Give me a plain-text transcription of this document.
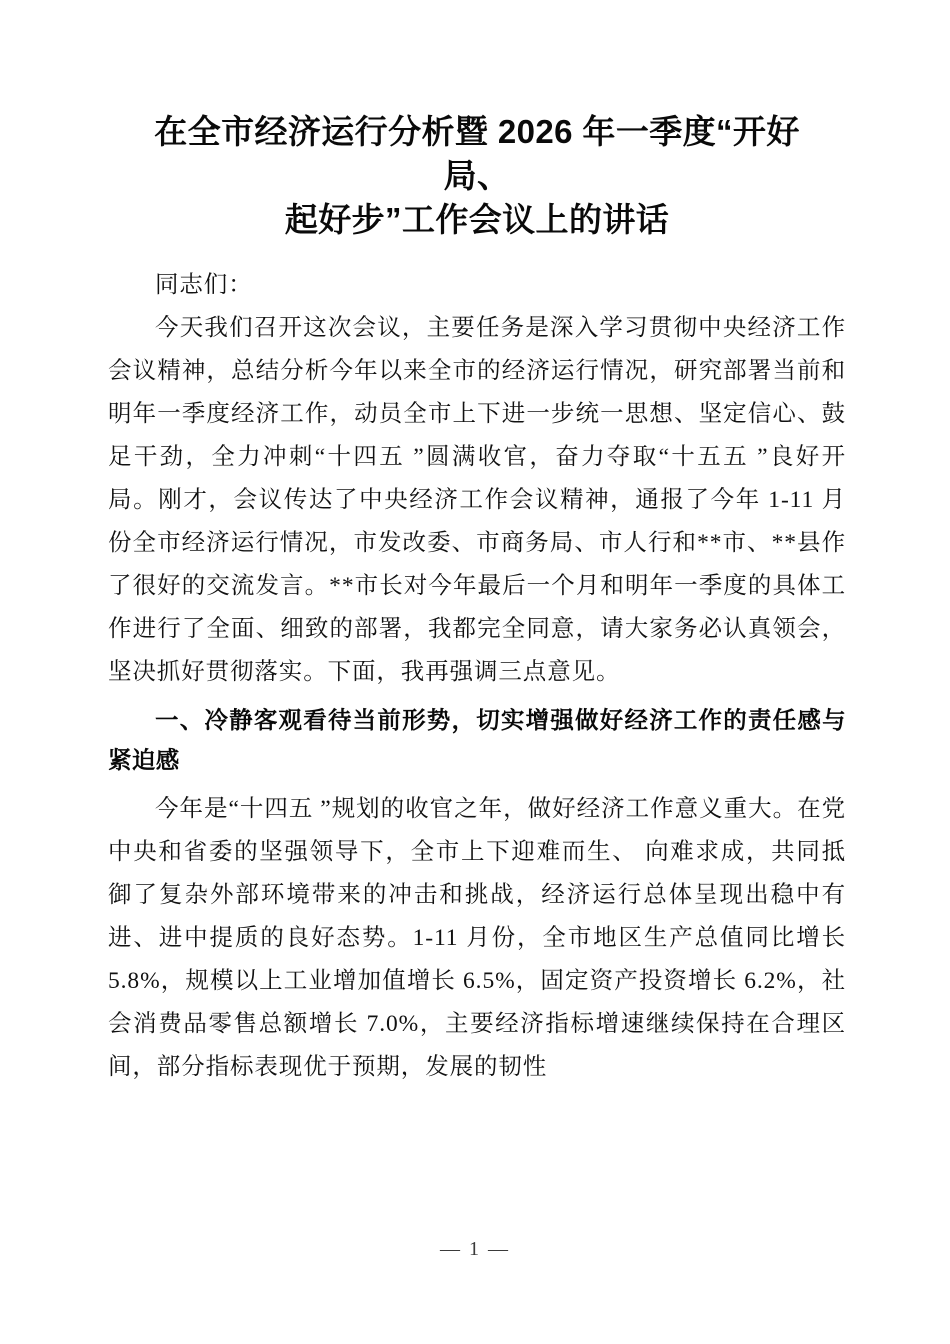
在全市经济运行分析暨 2026 年一季度“开好
局、
起好步”工作会议上的讲话

同志们：

今天我们召开这次会议，主要任务是深入学习贯彻中央经济工作会议精神，总结分析今年以来全市的经济运行情况，研究部署当前和明年一季度经济工作，动员全市上下进一步统一思想、坚定信心、鼓足干劲，全力冲刺“十四五 ”圆满收官，奋力夺取“十五五 ”良好开局。刚才，会议传达了中央经济工作会议精神，通报了今年 1-11 月份全市经济运行情况，市发改委、市商务局、市人行和**市、**县作了很好的交流发言。**市长对今年最后一个月和明年一季度的具体工作进行了全面、细致的部署，我都完全同意，请大家务必认真领会，坚决抓好贯彻落实。下面，我再强调三点意见。

一、冷静客观看待当前形势，切实增强做好经济工作的责任感与紧迫感

今年是“十四五 ”规划的收官之年，做好经济工作意义重大。在党中央和省委的坚强领导下，全市上下迎难而生、 向难求成，共同抵御了复杂外部环境带来的冲击和挑战，经济运行总体呈现出稳中有进、进中提质的良好态势。1-11 月份，全市地区生产总值同比增长 5.8%，规模以上工业增加值增长 6.5%，固定资产投资增长 6.2%，社会消费品零售总额增长 7.0%，主要经济指标增速继续保持在合理区间，部分指标表现优于预期，发展的韧性

— 1 —
